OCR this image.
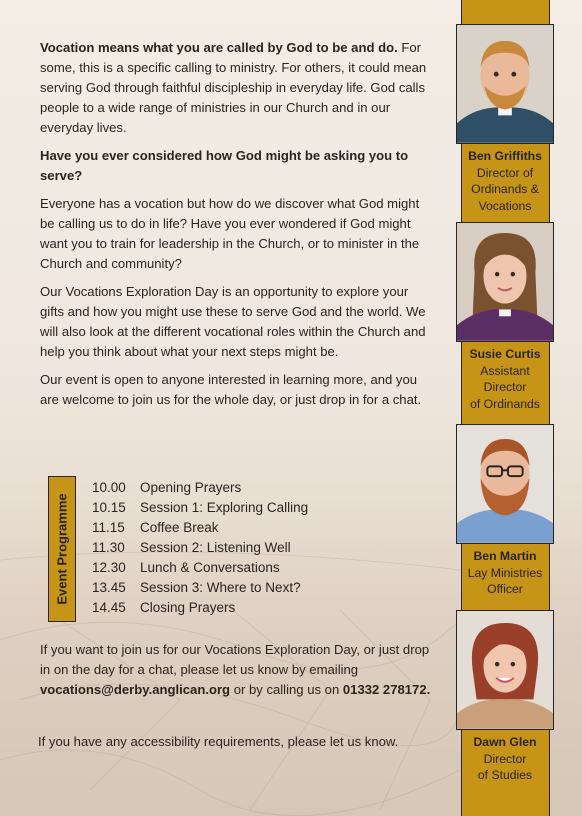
Vocation means what you are called by God to be and do. For some, this is a specific calling to ministry. For others, it could mean serving God through faithful discipleship in everyday life. God calls people to a wide range of ministries in our Church and in our everyday lives.

Have you ever considered how God might be asking you to serve?

Everyone has a vocation but how do we discover what God might be calling us to do in life? Have you ever wondered if God might want you to train for leadership in the Church, or to minister in the Church and community?

Our Vocations Exploration Day is an opportunity to explore your gifts and how you might use these to serve God and the world. We will also look at the different vocational roles within the Church and help you think about what your next steps might be.

Our event is open to anyone interested in learning more, and you are welcome to join us for the whole day, or just drop in for a chat.

Event Programme
10.00	Opening Prayers
10.15	Session 1: Exploring Calling
11.15	Coffee Break
11.30	Session 2: Listening Well
12.30	Lunch & Conversations
13.45	Session 3: Where to Next?
14.45	Closing Prayers

If you want to join us for our Vocations Exploration Day, or just drop in on the day for a chat, please let us know by emailing vocations@derby.anglican.org or by calling us on 01332 278172.

If you have any accessibility requirements, please let us know.

Ben Griffiths
Director of
Ordinands &
Vocations
Susie Curtis
Assistant
Director
of Ordinands
Ben Martin
Lay Ministries
Officer
Dawn Glen
Director
of Studies
